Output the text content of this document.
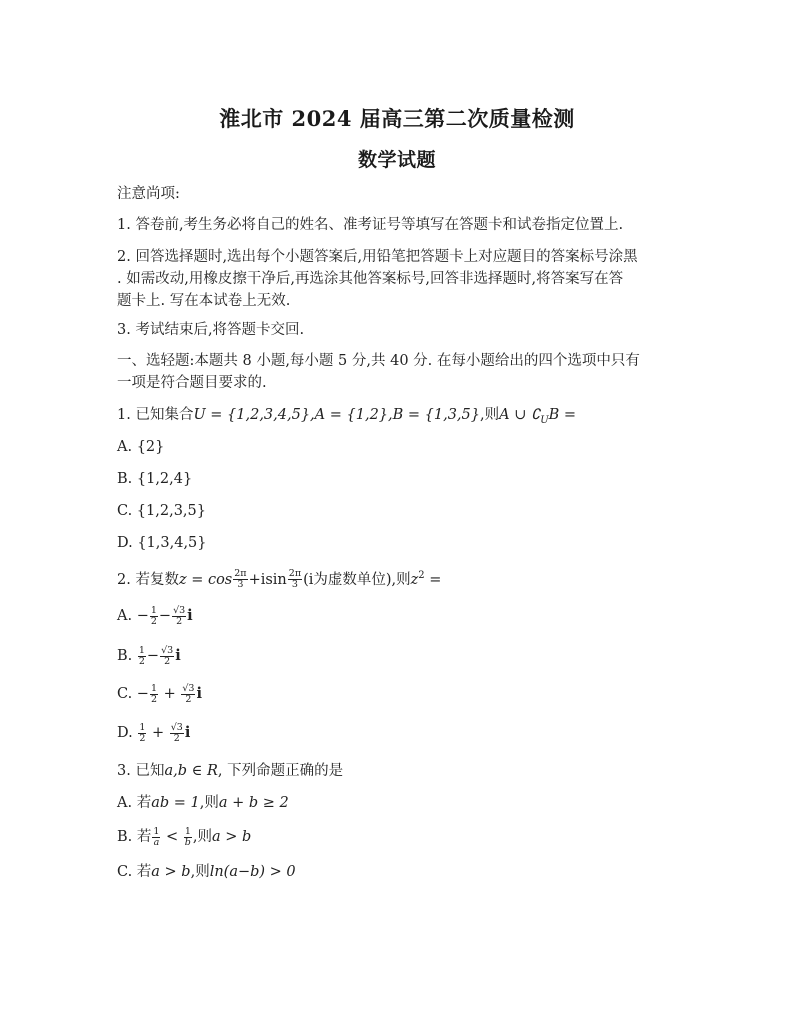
淮北市 2024 届高三第二次质量检测
数学试题
注意尚项:
1. 答卷前,考生务必将自己的姓名、准考证号等填写在答题卡和试卷指定位置上.
2. 回答选择题时,选出每个小题答案后,用铅笔把答题卡上对应题目的答案标号涂黑
. 如需改动,用橡皮擦干净后,再选涂其他答案标号,回答非选择题时,将答案写在答
题卡上. 写在本试卷上无效.
3. 考试结束后,将答题卡交回.
一、选轻题:本题共 8 小题,每小题 5 分,共 40 分. 在每小题给出的四个选项中只有
一项是符合题目要求的.
1. 已知集合U = {1,2,3,4,5},A = {1,2},B = {1,3,5},则A ∪ $∁_UB$ =
A. {2}
B. {1,2,4}
C. {1,2,3,5}
D. {1,3,4,5}
2. 若复数$z = \cos \frac{2\pi}{3} +isin \frac{2\pi}{3} (i$为虚数单位),则$z^2$ =
A. − $\frac{1}{2} - \frac{√3}{2}$ i
B. $\frac{1}{2} - \frac{√3}{2}$ i
C. − $\frac{1}{2} + \frac{√3}{2}$ i
D. $\frac{1}{2} + \frac{√3}{2}$ i
3. 已知a,b ∈ R, 下列命题正确的是
A. 若ab = 1,则a + b ≥ 2
B. 若 $\frac{1}{a} < \frac{1}{b}$ ,则a > b
C. 若a > b,则ln(a−b) > 0
